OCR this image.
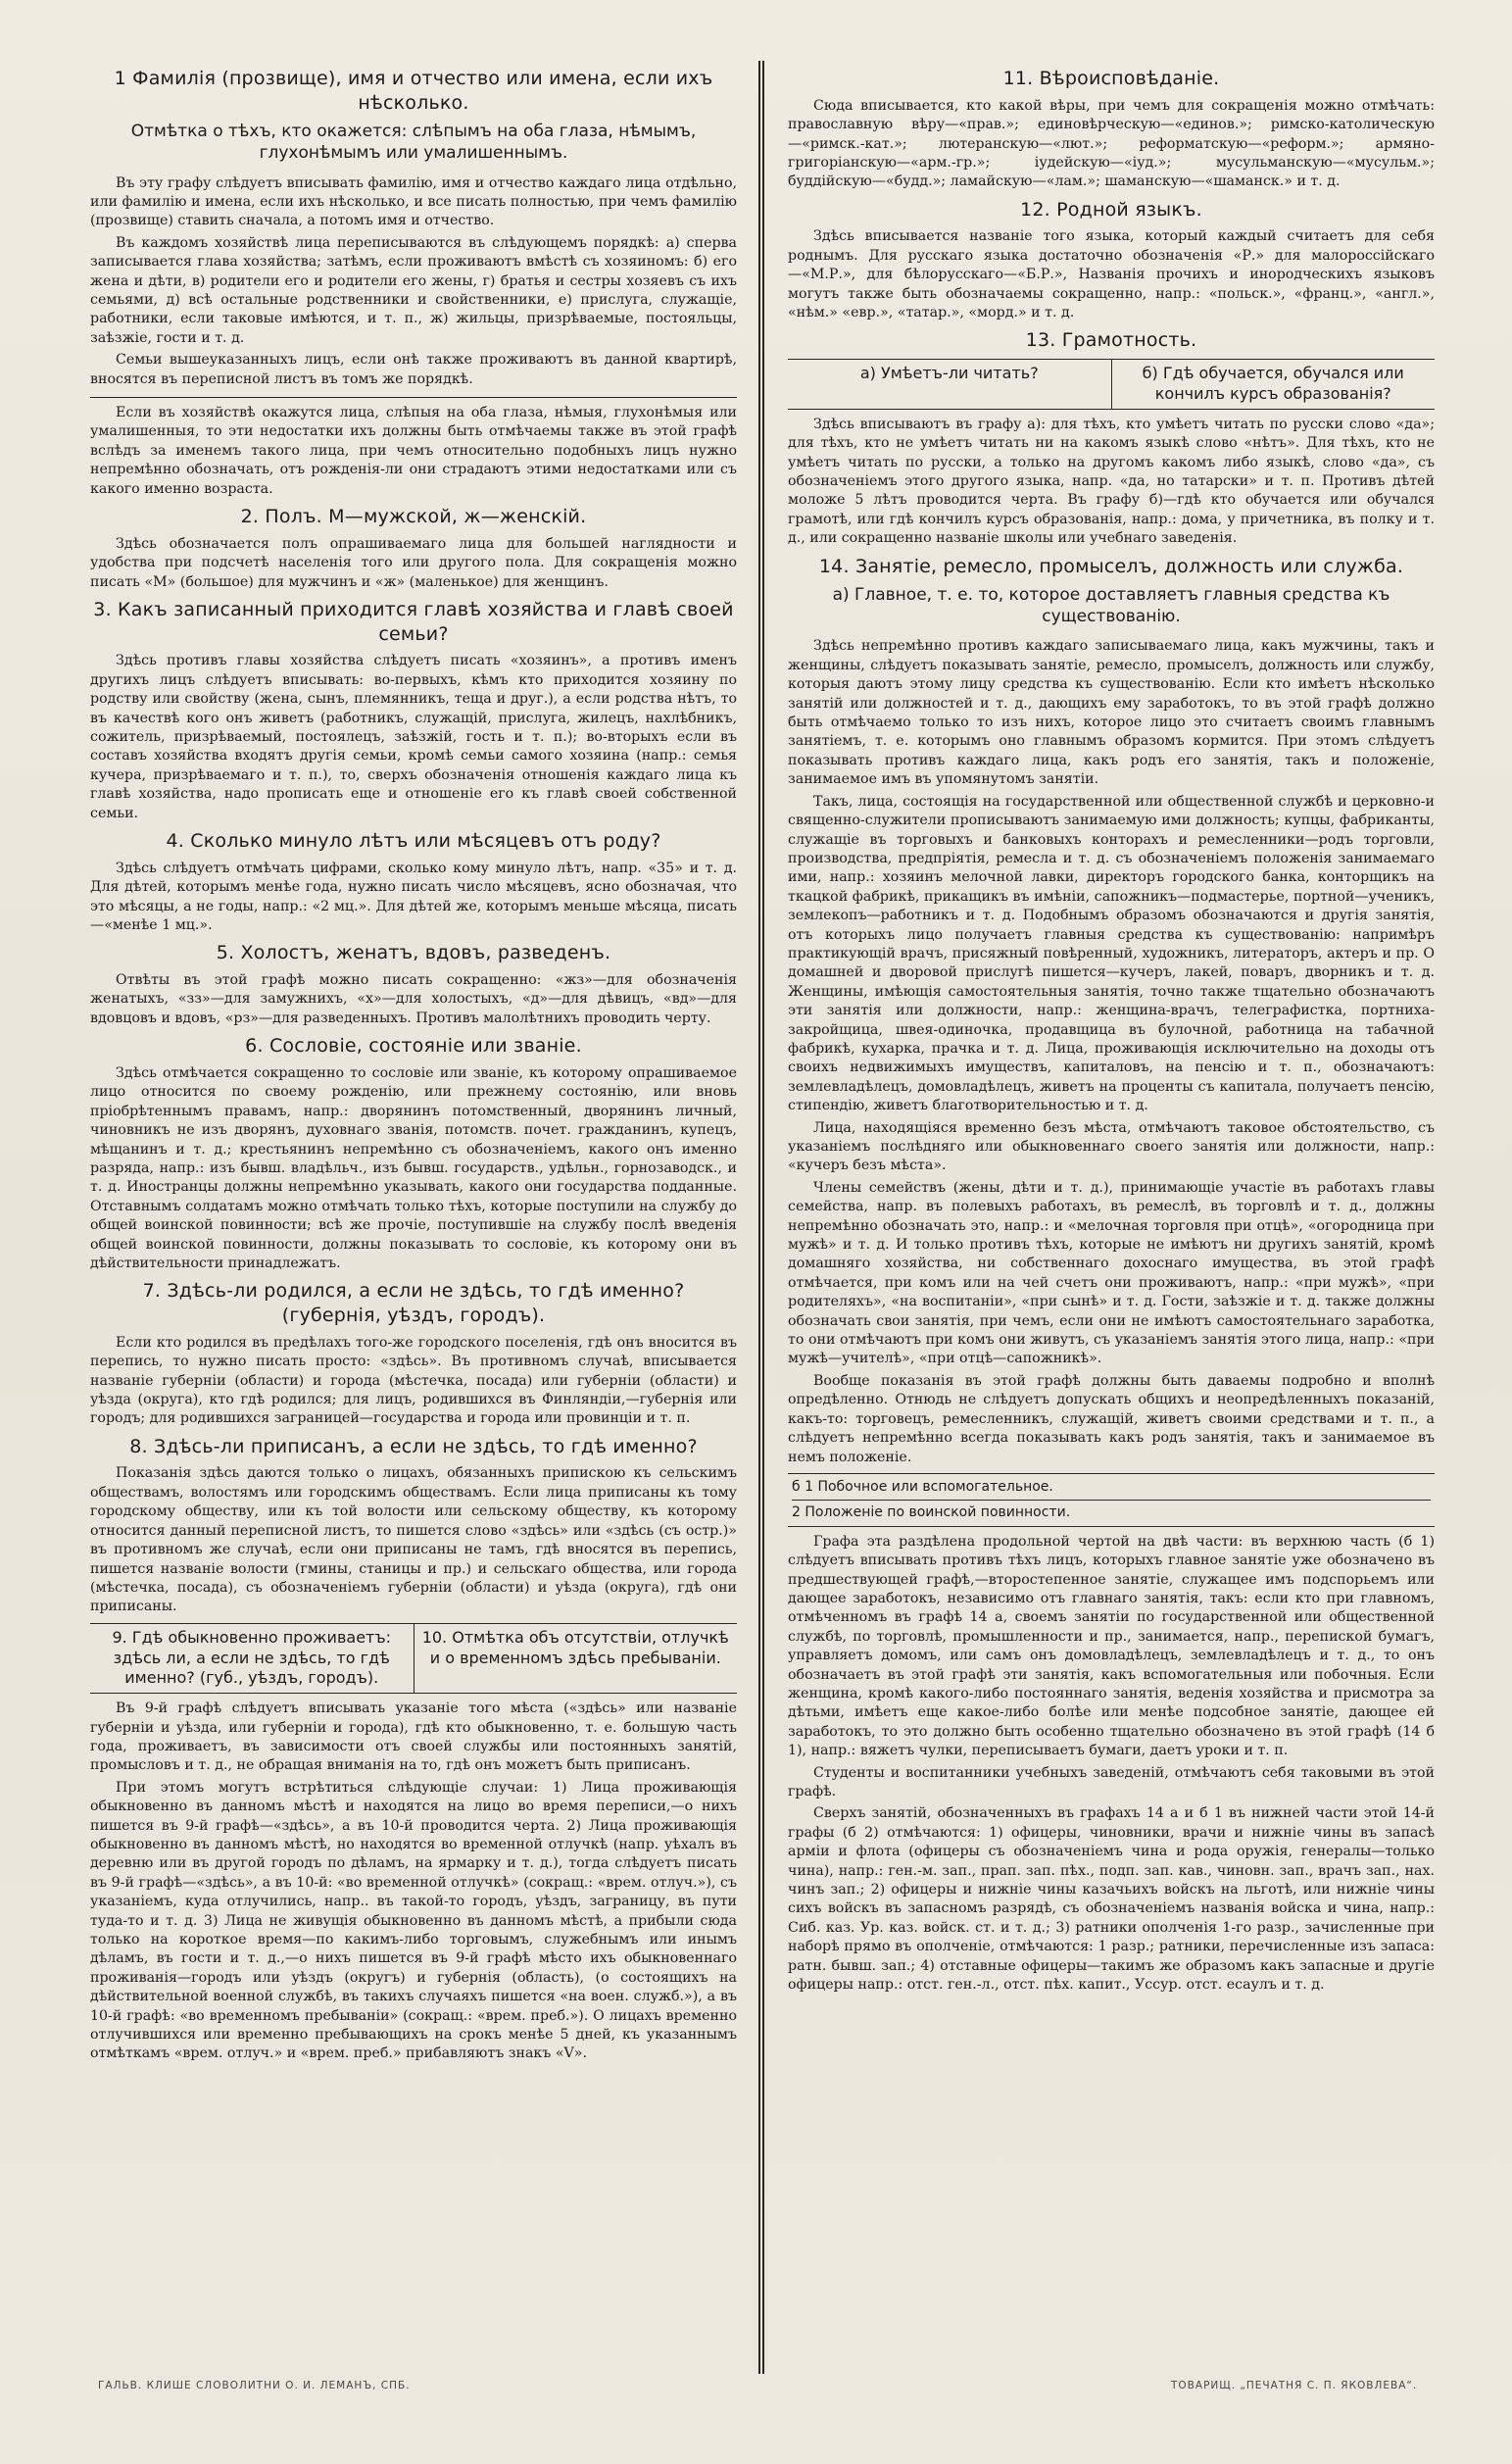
1 Фамилія (прозвище), имя и отчество или имена, если ихъ нѣсколько.
Отмѣтка о тѣхъ, кто окажется: слѣпымъ на оба глаза, нѣмымъ, глухонѣмымъ или умалишеннымъ.

Въ эту графу слѣдуетъ вписывать фамилію, имя и отчество каждаго лица отдѣльно, или фамилію и имена, если ихъ нѣсколько, и все писать полностью, при чемъ фамилію (прозвище) ставить сначала, а потомъ имя и отчество.

Въ каждомъ хозяйствѣ лица переписываются въ слѣдующемъ порядкѣ: а) сперва записывается глава хозяйства; затѣмъ, если проживаютъ вмѣстѣ съ хозяиномъ: б) его жена и дѣти, в) родители его и родители его жены, г) братья и сестры хозяевъ съ ихъ семьями, д) всѣ остальные родственники и свойственники, е) прислуга, служащіе, работники, если таковые имѣются, и т. п., ж) жильцы, призрѣваемые, постояльцы, заѣзжіе, гости и т. д.

Семьи вышеуказанныхъ лицъ, если онѣ также проживаютъ въ данной квартирѣ, вносятся въ переписной листъ въ томъ же порядкѣ.

Если въ хозяйствѣ окажутся лица, слѣпыя на оба глаза, нѣмыя, глухонѣмыя или умалишенныя, то эти недостатки ихъ должны быть отмѣчаемы также въ этой графѣ вслѣдъ за именемъ такого лица, при чемъ относительно подобныхъ лицъ нужно непремѣнно обозначать, отъ рожденія-ли они страдаютъ этими недостатками или съ какого именно возраста.

2. Полъ. М—мужской, ж—женскій.

Здѣсь обозначается полъ опрашиваемаго лица для большей наглядности и удобства при подсчетѣ населенія того или другого пола. Для сокращенія можно писать «М» (большое) для мужчинъ и «ж» (маленькое) для женщинъ.

3. Какъ записанный приходится главѣ хозяйства и главѣ своей семьи?

Здѣсь противъ главы хозяйства слѣдуетъ писать «хозяинъ», а противъ именъ другихъ лицъ слѣдуетъ вписывать: во-первыхъ, кѣмъ кто приходится хозяину по родству или свойству (жена, сынъ, племянникъ, теща и друг.), а если родства нѣтъ, то въ качествѣ кого онъ живетъ (работникъ, служащій, прислуга, жилецъ, нахлѣбникъ, сожитель, призрѣваемый, постоялецъ, заѣзжій, гость и т. п.); во-вторыхъ если въ составъ хозяйства входятъ другія семьи, кромѣ семьи самого хозяина (напр.: семья кучера, призрѣваемаго и т. п.), то, сверхъ обозначенія отношенія каждаго лица къ главѣ хозяйства, надо прописать еще и отношеніе его къ главѣ своей собственной семьи.

4. Сколько минуло лѣтъ или мѣсяцевъ отъ роду?

Здѣсь слѣдуетъ отмѣчать цифрами, сколько кому минуло лѣтъ, напр. «35» и т. д. Для дѣтей, которымъ менѣе года, нужно писать число мѣсяцевъ, ясно обозначая, что это мѣсяцы, а не годы, напр.: «2 мц.». Для дѣтей же, которымъ меньше мѣсяца, писать—«менѣе 1 мц.».

5. Холостъ, женатъ, вдовъ, разведенъ.

Отвѣты въ этой графѣ можно писать сокращенно: «жз»—для обозначенія женатыхъ, «зз»—для замужнихъ, «х»—для холостыхъ, «д»—для дѣвицъ, «вд»—для вдовцовъ и вдовъ, «рз»—для разведенныхъ. Противъ малолѣтнихъ проводить черту.

6. Сословіе, состояніе или званіе.

Здѣсь отмѣчается сокращенно то сословіе или званіе, къ которому опрашиваемое лицо относится по своему рожденію, или прежнему состоянію, или вновь пріобрѣтеннымъ правамъ, напр.: дворянинъ потомственный, дворянинъ личный, чиновникъ не изъ дворянъ, духовнаго званія, потомств. почет. гражданинъ, купецъ, мѣщанинъ и т. д.; крестьянинъ непремѣнно съ обозначеніемъ, какого онъ именно разряда, напр.: изъ бывш. владѣльч., изъ бывш. государств., удѣльн., горнозаводск., и т. д. Иностранцы должны непремѣнно указывать, какого они государства подданные. Отставнымъ солдатамъ можно отмѣчать только тѣхъ, которые поступили на службу до общей воинской повинности; всѣ же прочіе, поступившіе на службу послѣ введенія общей воинской повинности, должны показывать то сословіе, къ которому они въ дѣйствительности принадлежатъ.

7. Здѣсь-ли родился, а если не здѣсь, то гдѣ именно? (губернія, уѣздъ, городъ).

Если кто родился въ предѣлахъ того-же городского поселенія, гдѣ онъ вносится въ перепись, то нужно писать просто: «здѣсь». Въ противномъ случаѣ, вписывается названіе губерніи (области) и города (мѣстечка, посада) или губерніи (области) и уѣзда (округа), кто гдѣ родился; для лицъ, родившихся въ Финляндіи,—губернія или городъ; для родившихся заграницей—государства и города или провинціи и т. п.

8. Здѣсь-ли приписанъ, а если не здѣсь, то гдѣ именно?

Показанія здѣсь даются только о лицахъ, обязанныхъ припискою къ сельскимъ обществамъ, волостямъ или городскимъ обществамъ. Если лица приписаны къ тому городскому обществу, или къ той волости или сельскому обществу, къ которому относится данный переписной листъ, то пишется слово «здѣсь» или «здѣсь (съ остр.)» въ противномъ же случаѣ, если они приписаны не тамъ, гдѣ вносятся въ перепись, пишется названіе волости (гмины, станицы и пр.) и сельскаго общества, или города (мѣстечка, посада), съ обозначеніемъ губерніи (области) и уѣзда (округа), гдѣ они приписаны.

9. Гдѣ обыкновенно проживаетъ: здѣсь ли, а если не здѣсь, то гдѣ именно? (губ., уѣздъ, городъ).
10. Отмѣтка объ отсутствіи, отлучкѣ и о временномъ здѣсь пребываніи.

Въ 9-й графѣ слѣдуетъ вписывать указаніе того мѣста («здѣсь» или названіе губерніи и уѣзда, или губерніи и города), гдѣ кто обыкновенно, т. е. большую часть года, проживаетъ, въ зависимости отъ своей службы или постоянныхъ занятій, промысловъ и т. д., не обращая вниманія на то, гдѣ онъ можетъ быть приписанъ.

При этомъ могутъ встрѣтиться слѣдующіе случаи: 1) Лица проживающія обыкновенно въ данномъ мѣстѣ и находятся на лицо во время переписи,—о нихъ пишется въ 9-й графѣ—«здѣсь», а въ 10-й проводится черта. 2) Лица проживающія обыкновенно въ данномъ мѣстѣ, но находятся во временной отлучкѣ (напр. уѣхалъ въ деревню или въ другой городъ по дѣламъ, на ярмарку и т. д.), тогда слѣдуетъ писать въ 9-й графѣ—«здѣсь», а въ 10-й: «во временной отлучкѣ» (сокращ.: «врем. отлуч.»), съ указаніемъ, куда отлучились, напр.. въ такой-то городъ, уѣздъ, заграницу, въ пути туда-то и т. д. 3) Лица не живущія обыкновенно въ данномъ мѣстѣ, а прибыли сюда только на короткое время—по какимъ-либо торговымъ, служебнымъ или инымъ дѣламъ, въ гости и т. д.,—о нихъ пишется въ 9-й графѣ мѣсто ихъ обыкновеннаго проживанія—городъ или уѣздъ (округъ) и губернія (область), (о состоящихъ на дѣйствительной военной службѣ, въ такихъ случаяхъ пишется «на воен. служб.»), а въ 10-й графѣ: «во временномъ пребываніи» (сокращ.: «врем. преб.»). О лицахъ временно отлучившихся или временно пребывающихъ на срокъ менѣе 5 дней, къ указаннымъ отмѣткамъ «врем. отлуч.» и «врем. преб.» прибавляютъ знакъ «V».

11. Вѣроисповѣданіе.

Сюда вписывается, кто какой вѣры, при чемъ для сокращенія можно отмѣчать: православную вѣру—«прав.»; единовѣрческую—«единов.»; римско-католическую—«римск.-кат.»; лютеранскую—«лют.»; реформатскую—«реформ.»; армяно-григоріанскую—«арм.-гр.»; іудейскую—«іуд.»; мусульманскую—«мусульм.»; буддійскую—«будд.»; ламайскую—«лам.»; шаманскую—«шаманск.» и т. д.

12. Родной языкъ.

Здѣсь вписывается названіе того языка, который каждый считаетъ для себя роднымъ. Для русскаго языка достаточно обозначенія «Р.» для малороссійскаго—«М.Р.», для бѣлорусскаго—«Б.Р.», Названія прочихъ и инородческихъ языковъ могутъ также быть обозначаемы сокращенно, напр.: «польск.», «франц.», «англ.», «нѣм.» «евр.», «татар.», «морд.» и т. д.

13. Грамотность.
а) Умѣетъ-ли читать?	б) Гдѣ обучается, обучался или кончилъ курсъ образованія?

Здѣсь вписываютъ въ графу а): для тѣхъ, кто умѣетъ читать по русски слово «да»; для тѣхъ, кто не умѣетъ читать ни на какомъ языкѣ слово «нѣтъ». Для тѣхъ, кто не умѣетъ читать по русски, а только на другомъ какомъ либо языкѣ, слово «да», съ обозначеніемъ этого другого языка, напр. «да, но татарски» и т. п. Противъ дѣтей моложе 5 лѣтъ проводится черта. Въ графу б)—гдѣ кто обучается или обучался грамотѣ, или гдѣ кончилъ курсъ образованія, напр.: дома, у причетника, въ полку и т. д., или сокращенно названіе школы или учебнаго заведенія.

14. Занятіе, ремесло, промыселъ, должность или служба.
а) Главное, т. е. то, которое доставляетъ главныя средства къ существованію.

Здѣсь непремѣнно противъ каждаго записываемаго лица, какъ мужчины, такъ и женщины, слѣдуетъ показывать занятіе, ремесло, промыселъ, должность или службу, которыя даютъ этому лицу средства къ существованію. Если кто имѣетъ нѣсколько занятій или должностей и т. д., дающихъ ему заработокъ, то въ этой графѣ должно быть отмѣчаемо только то изъ нихъ, которое лицо это считаетъ своимъ главнымъ занятіемъ, т. е. которымъ оно главнымъ образомъ кормится. При этомъ слѣдуетъ показывать противъ каждаго лица, какъ родъ его занятія, такъ и положеніе, занимаемое имъ въ упомянутомъ занятіи.

Такъ, лица, состоящія на государственной или общественной службѣ и церковно-и священно-служители прописываютъ занимаемую ими должность; купцы, фабриканты, служащіе въ торговыхъ и банковыхъ конторахъ и ремесленники—родъ торговли, производства, предпріятія, ремесла и т. д. съ обозначеніемъ положенія занимаемаго ими, напр.: хозяинъ мелочной лавки, директоръ городского банка, конторщикъ на ткацкой фабрикѣ, прикащикъ въ имѣніи, сапожникъ—подмастерье, портной—ученикъ, землекопъ—работникъ и т. д. Подобнымъ образомъ обозначаются и другія занятія, отъ которыхъ лицо получаетъ главныя средства къ существованію: напримѣръ практикующій врачъ, присяжный повѣренный, художникъ, литераторъ, актеръ и пр. О домашней и дворовой прислугѣ пишется—кучеръ, лакей, поваръ, дворникъ и т. д. Женщины, имѣющія самостоятельныя занятія, точно также тщательно обозначаютъ эти занятія или должности, напр.: женщина-врачъ, телеграфистка, портниха-закройщица, швея-одиночка, продавщица въ булочной, работница на табачной фабрикѣ, кухарка, прачка и т. д. Лица, проживающія исключительно на доходы отъ своихъ недвижимыхъ имуществъ, капиталовъ, на пенсію и т. п., обозначаютъ: землевладѣлецъ, домовладѣлецъ, живетъ на проценты съ капитала, получаетъ пенсію, стипендію, живетъ благотворительностью и т. д.

Лица, находящіяся временно безъ мѣста, отмѣчаютъ таковое обстоятельство, съ указаніемъ послѣдняго или обыкновеннаго своего занятія или должности, напр.: «кучеръ безъ мѣста».

Члены семействъ (жены, дѣти и т. д.), принимающіе участіе въ работахъ главы семейства, напр. въ полевыхъ работахъ, въ ремеслѣ, въ торговлѣ и т. д., должны непремѣнно обозначать это, напр.: и «мелочная торговля при отцѣ», «огородница при мужѣ» и т. д. И только противъ тѣхъ, которые не имѣютъ ни другихъ занятій, кромѣ домашняго хозяйства, ни собственнаго дохоснаго имущества, въ этой графѣ отмѣчается, при комъ или на чей счетъ они проживаютъ, напр.: «при мужѣ», «при родителяхъ», «на воспитаніи», «при сынѣ» и т. д. Гости, заѣзжіе и т. д. также должны обозначать свои занятія, при чемъ, если они не имѣютъ самостоятельнаго заработка, то они отмѣчаютъ при комъ они живутъ, съ указаніемъ занятія этого лица, напр.: «при мужѣ—учителѣ», «при отцѣ—сапожникѣ».

Вообще показанія въ этой графѣ должны быть даваемы подробно и вполнѣ опредѣленно. Отнюдь не слѣдуетъ допускать общихъ и неопредѣленныхъ показаній, какъ-то: торговецъ, ремесленникъ, служащій, живетъ своими средствами и т. п., а слѣдуетъ непремѣнно всегда показывать какъ родъ занятія, такъ и занимаемое въ немъ положеніе.

б 1 Побочное или вспомогательное.
2 Положеніе по воинской повинности.

Графа эта раздѣлена продольной чертой на двѣ части: въ верхнюю часть (б 1) слѣдуетъ вписывать противъ тѣхъ лицъ, которыхъ главное занятіе уже обозначено въ предшествующей графѣ,—второстепенное занятіе, служащее имъ подспорьемъ или дающее заработокъ, независимо отъ главнаго занятія, такъ: если кто при главномъ, отмѣченномъ въ графѣ 14 а, своемъ занятіи по государственной или общественной службѣ, по торговлѣ, промышленности и пр., занимается, напр., перепиской бумагъ, управляетъ домомъ, или самъ онъ домовладѣлецъ, землевладѣлецъ и т. д., то онъ обозначаетъ въ этой графѣ эти занятія, какъ вспомогательныя или побочныя. Если женщина, кромѣ какого-либо постояннаго занятія, веденія хозяйства и присмотра за дѣтьми, имѣетъ еще какое-либо болѣе или менѣе подсобное занятіе, дающее ей заработокъ, то это должно быть особенно тщательно обозначено въ этой графѣ (14 б 1), напр.: вяжетъ чулки, переписываетъ бумаги, даетъ уроки и т. п.

Студенты и воспитанники учебныхъ заведеній, отмѣчаютъ себя таковыми въ этой графѣ.

Сверхъ занятій, обозначенныхъ въ графахъ 14 а и б 1 въ нижней части этой 14-й графы (б 2) отмѣчаются: 1) офицеры, чиновники, врачи и нижніе чины въ запасѣ арміи и флота (офицеры съ обозначеніемъ чина и рода оружія, генералы—только чина), напр.: ген.-м. зап., прап. зап. пѣх., подп. зап. кав., чиновн. зап., врачъ зап., нах. чинъ зап.; 2) офицеры и нижніе чины казачьихъ войскъ на льготѣ, или нижніе чины сихъ войскъ въ запасномъ разрядѣ, съ обозначеніемъ названія войска и чина, напр.: Сиб. каз. Ур. каз. войск. ст. и т. д.; 3) ратники ополченія 1-го разр., зачисленные при наборѣ прямо въ ополченіе, отмѣчаются: 1 разр.; ратники, перечисленные изъ запаса: ратн. бывш. зап.; 4) отставные офицеры—такимъ же образомъ какъ запасные и другіе офицеры напр.: отст. ген.-л., отст. пѣх. капит., Уссур. отст. есаулъ и т. д.

ГАЛЬВ. КЛИШЕ СЛОВОЛИТНИ О. И. ЛЕМАНЪ, СПБ.	ТОВАРИЩ. „ПЕЧАТНЯ С. П. ЯКОВЛЕВА“.
